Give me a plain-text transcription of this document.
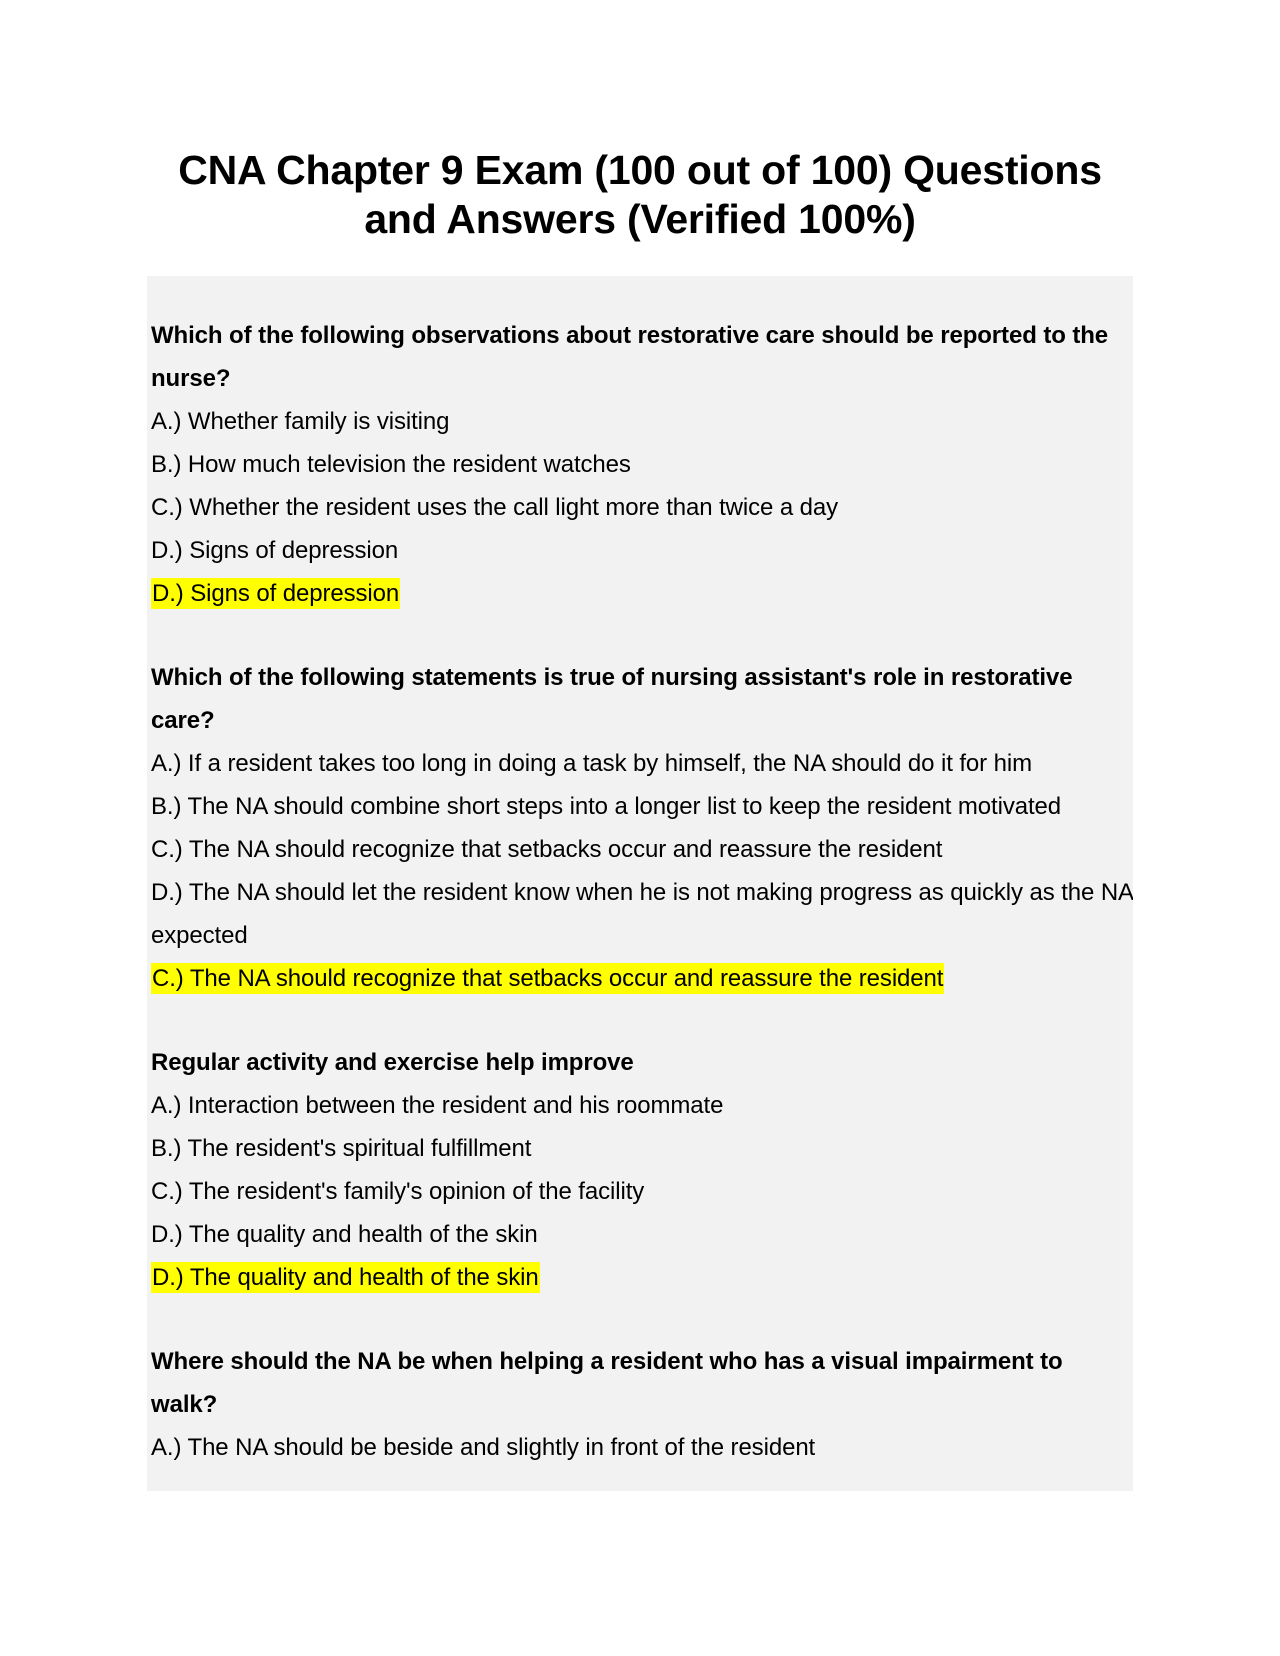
CNA Chapter 9 Exam (100 out of 100) Questions and Answers (Verified 100%)

Which of the following observations about restorative care should be reported to the nurse?

A.) Whether family is visiting

B.) How much television the resident watches

C.) Whether the resident uses the call light more than twice a day

D.) Signs of depression

D.) Signs of depression

Which of the following statements is true of nursing assistant's role in restorative care?

A.) If a resident takes too long in doing a task by himself, the NA should do it for him

B.) The NA should combine short steps into a longer list to keep the resident motivated

C.) The NA should recognize that setbacks occur and reassure the resident

D.) The NA should let the resident know when he is not making progress as quickly as the NA expected

C.) The NA should recognize that setbacks occur and reassure the resident

Regular activity and exercise help improve

A.) Interaction between the resident and his roommate

B.) The resident's spiritual fulfillment

C.) The resident's family's opinion of the facility

D.) The quality and health of the skin

D.) The quality and health of the skin

Where should the NA be when helping a resident who has a visual impairment to walk?

A.) The NA should be beside and slightly in front of the resident
